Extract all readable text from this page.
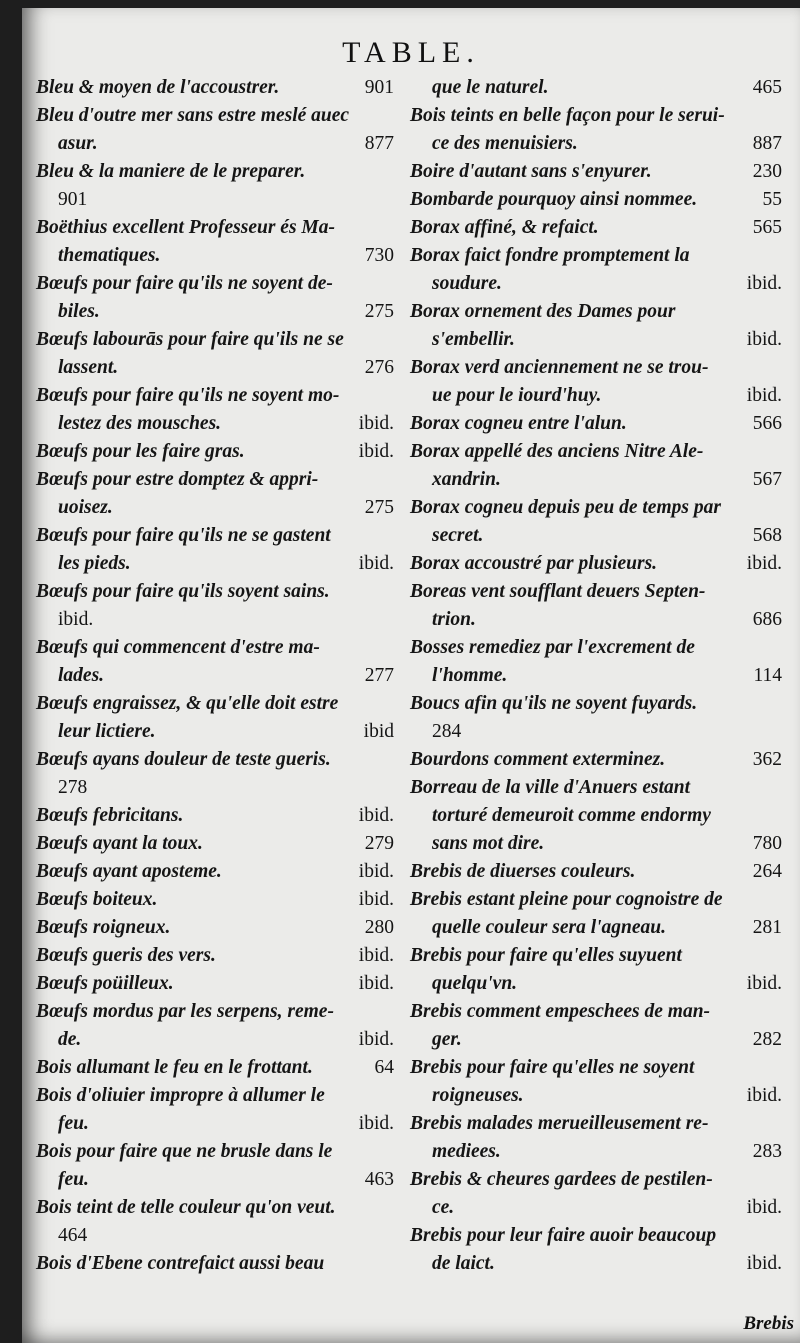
TABLE.
Bleu & moyen de l'accoustrer.	901
Bleu d'outre mer sans estre meslé auec
asur.	877
Bleu & la maniere de le preparer.
901
Boëthius excellent Professeur és Ma-
thematiques.	730
Bœufs pour faire qu'ils ne soyent de-
biles.	275
Bœufs labourās pour faire qu'ils ne se
lassent.	276
Bœufs pour faire qu'ils ne soyent mo-
lestez des mousches.	ibid.
Bœufs pour les faire gras.	ibid.
Bœufs pour estre domptez & appri-
uoisez.	275
Bœufs pour faire qu'ils ne se gastent
les pieds.	ibid.
Bœufs pour faire qu'ils soyent sains.
ibid.
Bœufs qui commencent d'estre ma-
lades.	277
Bœufs engraissez, & qu'elle doit estre
leur lictiere.	ibid
Bœufs ayans douleur de teste gueris.
278
Bœufs febricitans.	ibid.
Bœufs ayant la toux.	279
Bœufs ayant aposteme.	ibid.
Bœufs boiteux.	ibid.
Bœufs roigneux.	280
Bœufs gueris des vers.	ibid.
Bœufs poüilleux.	ibid.
Bœufs mordus par les serpens, reme-
de.	ibid.
Bois allumant le feu en le frottant.	64
Bois d'oliuier impropre à allumer le
feu.	ibid.
Bois pour faire que ne brusle dans le
feu.	463
Bois teint de telle couleur qu'on veut.
464
Bois d'Ebene contrefaict aussi beau
que le naturel.	465
Bois teints en belle façon pour le serui-
ce des menuisiers.	887
Boire d'autant sans s'enyurer.	230
Bombarde pourquoy ainsi nommee.	55
Borax affiné, & refaict.	565
Borax faict fondre promptement la
soudure.	ibid.
Borax ornement des Dames pour
s'embellir.	ibid.
Borax verd anciennement ne se trou-
ue pour le iourd'huy.	ibid.
Borax cogneu entre l'alun.	566
Borax appellé des anciens Nitre Ale-
xandrin.	567
Borax cogneu depuis peu de temps par
secret.	568
Borax accoustré par plusieurs.	ibid.
Boreas vent soufflant deuers Septen-
trion.	686
Bosses remediez par l'excrement de
l'homme.	114
Boucs afin qu'ils ne soyent fuyards.
284
Bourdons comment exterminez.	362
Borreau de la ville d'Anuers estant
torturé demeuroit comme endormy
sans mot dire.	780
Brebis de diuerses couleurs.	264
Brebis estant pleine pour cognoistre de
quelle couleur sera l'agneau.	281
Brebis pour faire qu'elles suyuent
quelqu'vn.	ibid.
Brebis comment empeschees de man-
ger.	282
Brebis pour faire qu'elles ne soyent
roigneuses.	ibid.
Brebis malades merueilleusement re-
mediees.	283
Brebis & cheures gardees de pestilen-
ce.	ibid.
Brebis pour leur faire auoir beaucoup
de laict.	ibid.
Brebis
